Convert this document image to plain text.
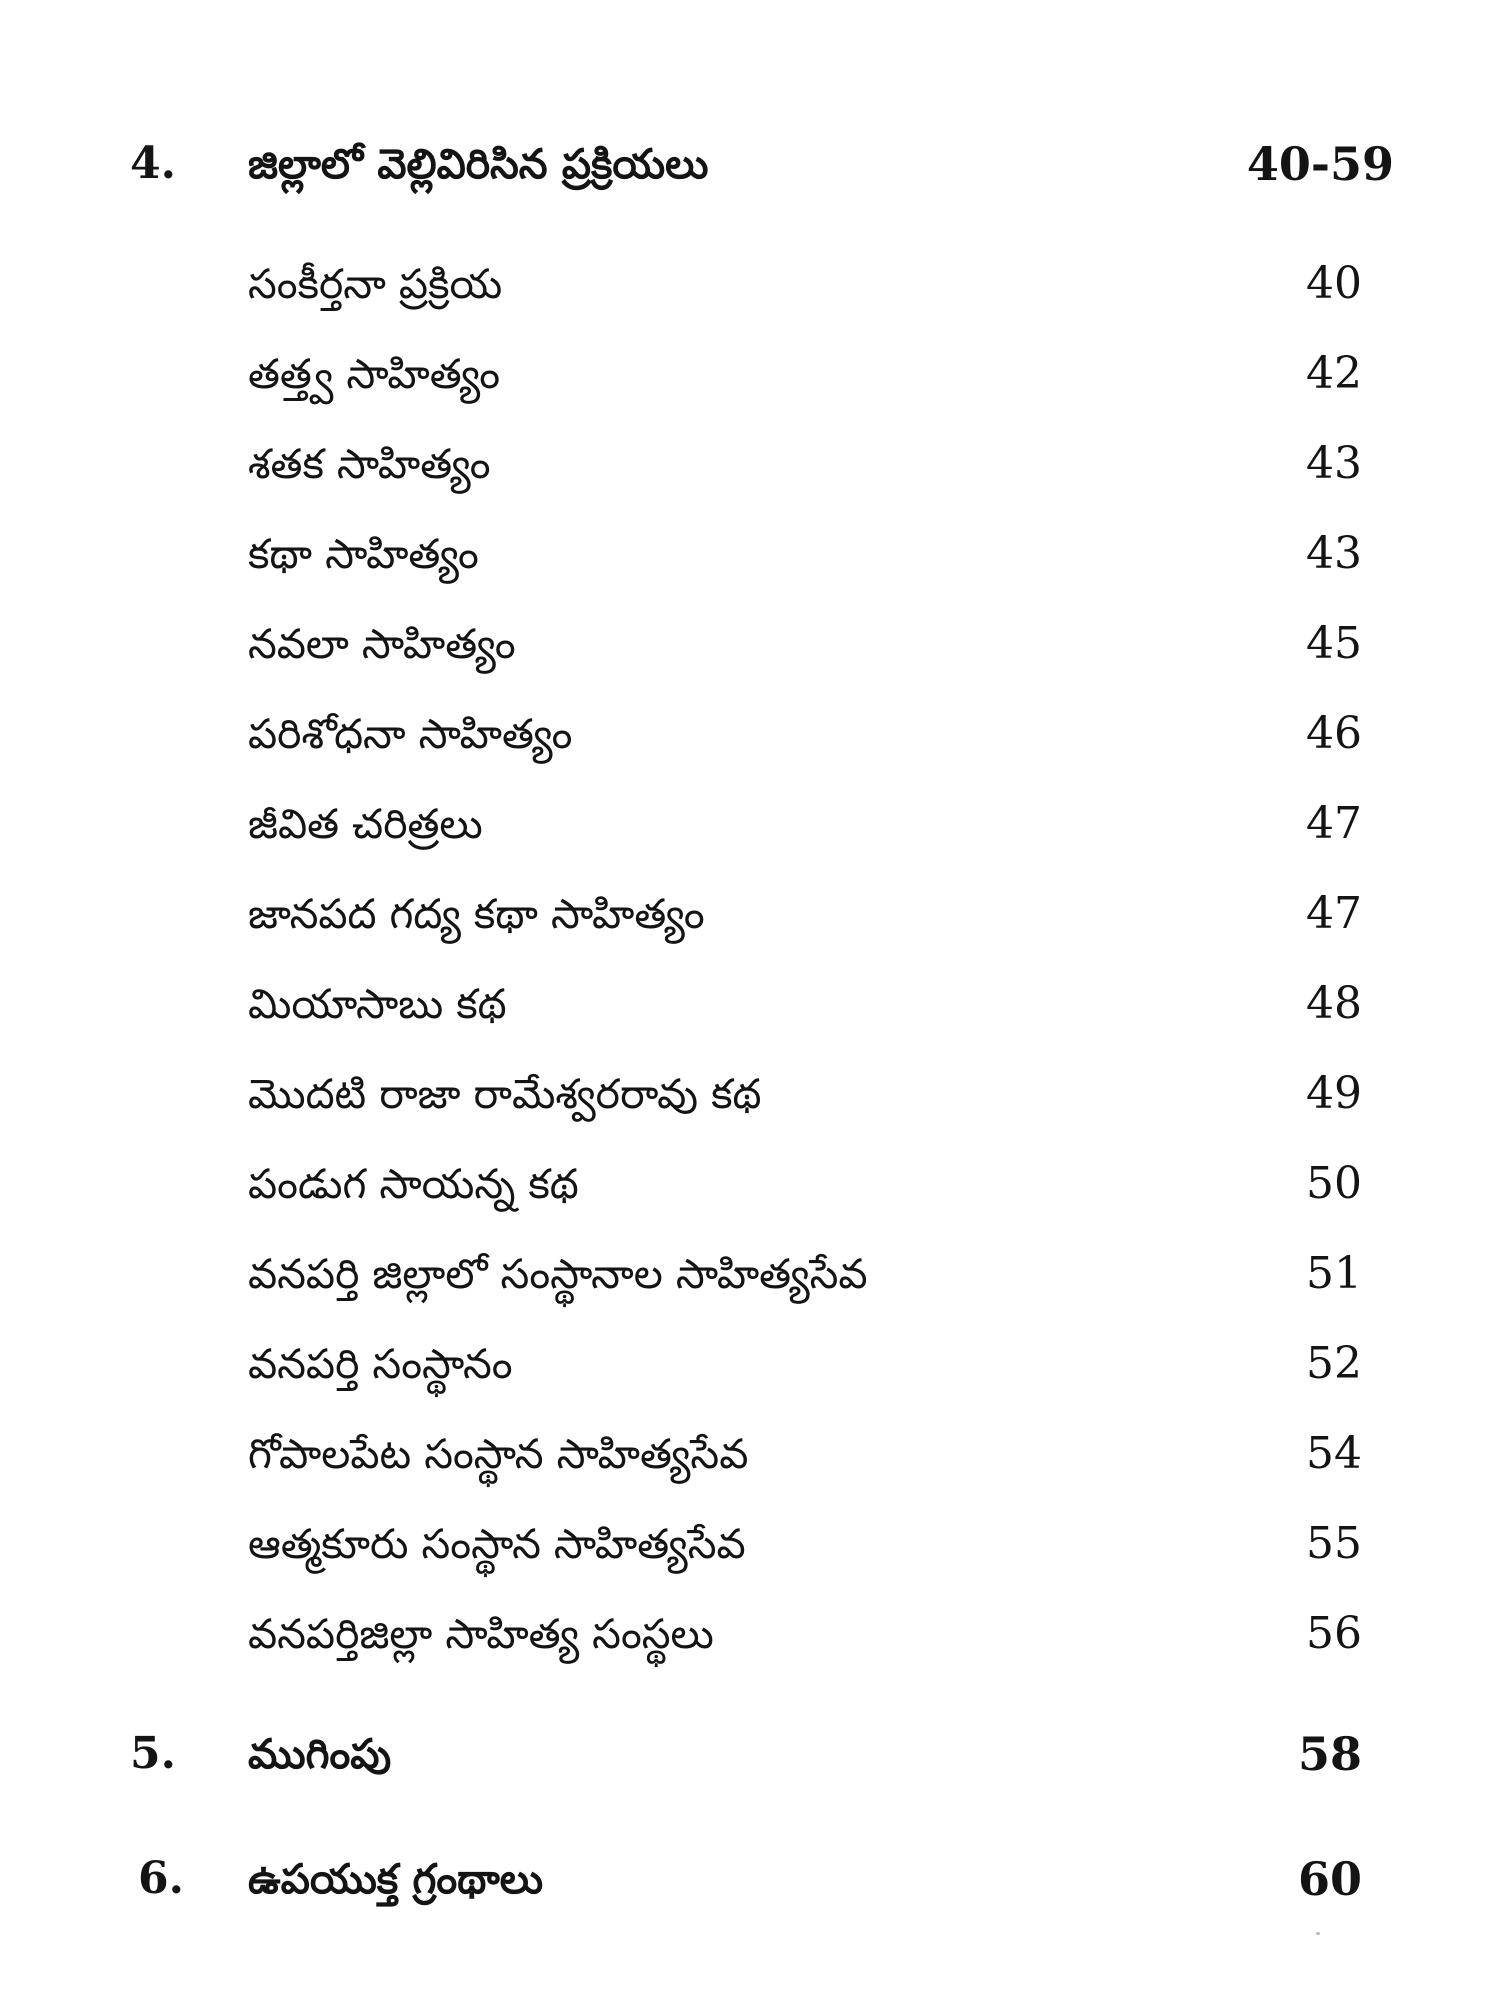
4. జిల్లాలో వెల్లివిరిసిన ప్రక్రియలు	40-59
సంకీర్తనా ప్రక్రియ	40
తత్త్వ సాహిత్యం	42
శతక సాహిత్యం	43
కథా సాహిత్యం	43
నవలా సాహిత్యం	45
పరిశోధనా సాహిత్యం	46
జీవిత చరిత్రలు	47
జానపద గద్య కథా సాహిత్యం	47
మియాసాబు కథ	48
మొదటి రాజా రామేశ్వరరావు కథ	49
పండుగ సాయన్న కథ	50
వనపర్తి జిల్లాలో సంస్థానాల సాహిత్యసేవ	51
వనపర్తి సంస్థానం	52
గోపాలపేట సంస్థాన సాహిత్యసేవ	54
ఆత్మకూరు సంస్థాన సాహిత్యసేవ	55
వనపర్తిజిల్లా సాహిత్య సంస్థలు	56
5. ముగింపు	58
6. ఉపయుక్త గ్రంథాలు	60
